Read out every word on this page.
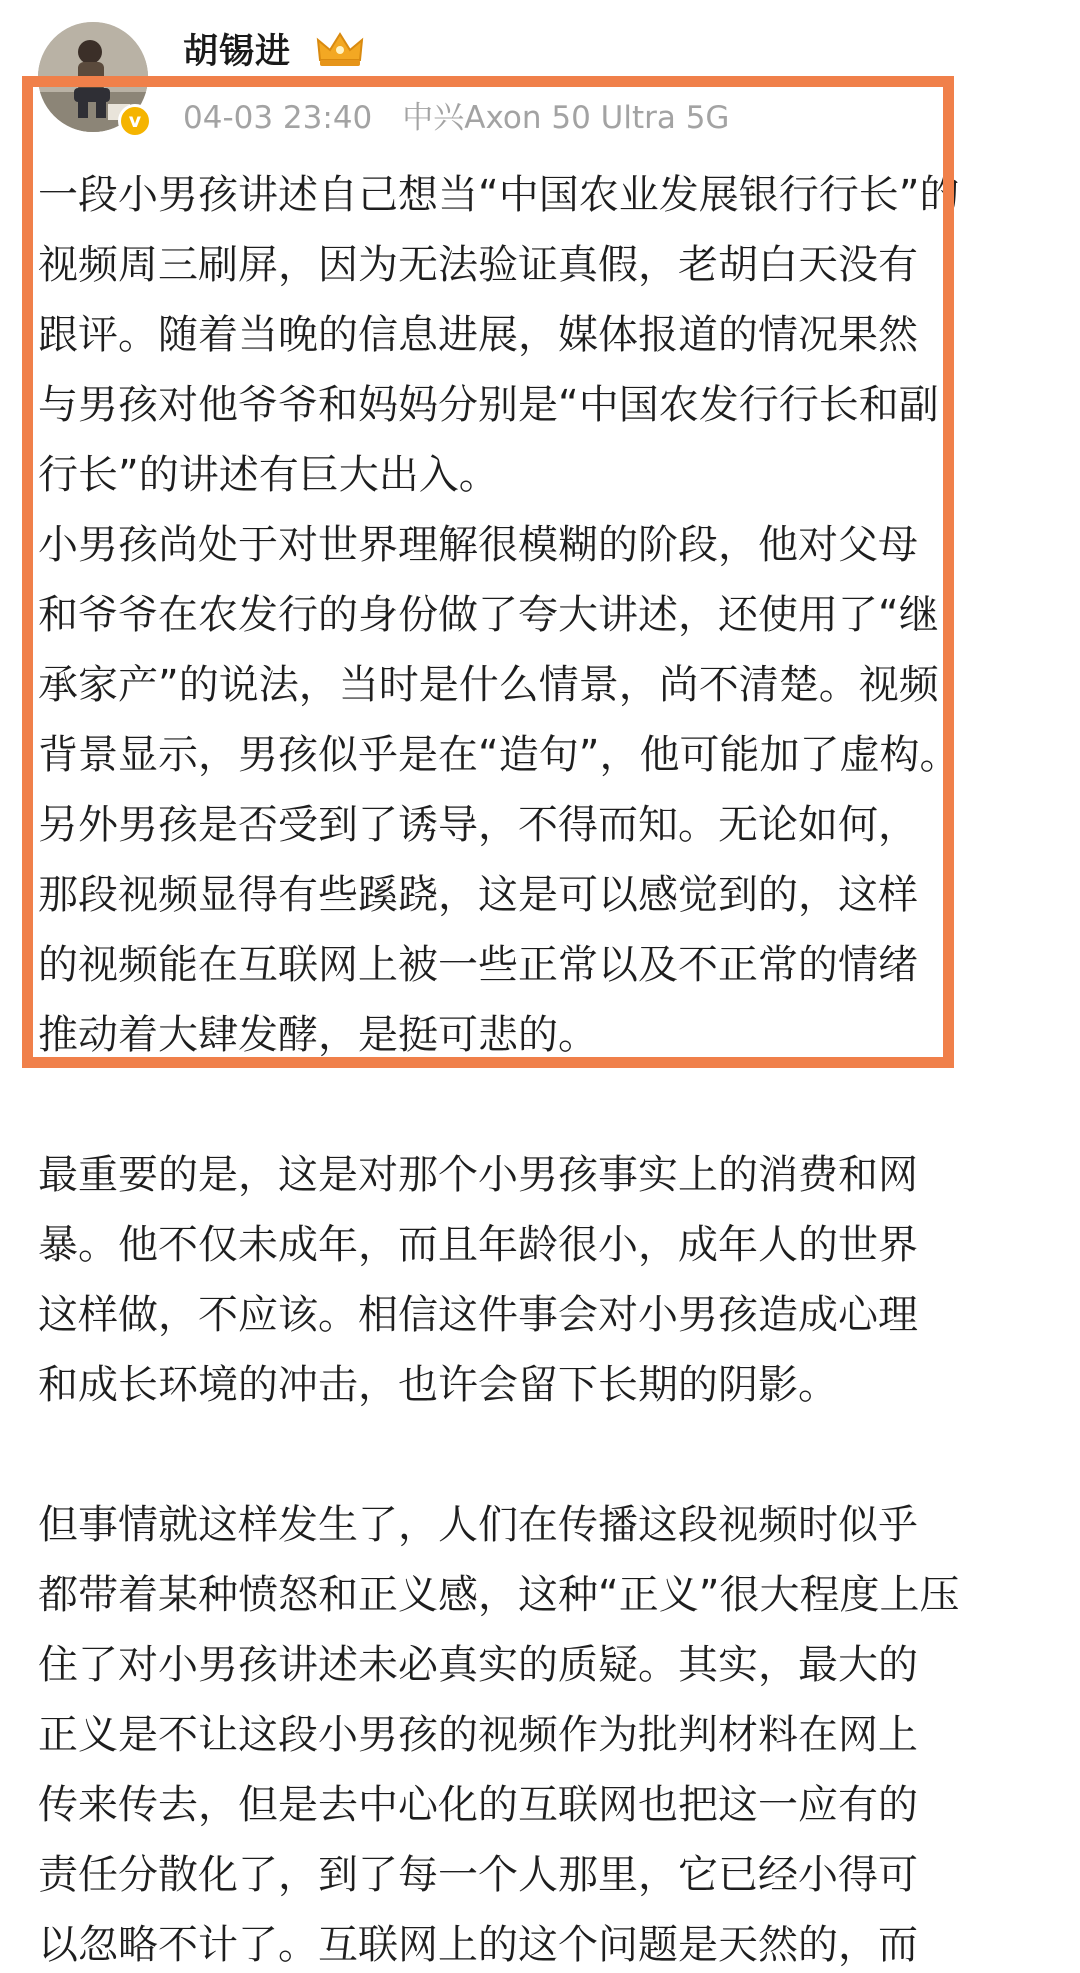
v
胡锡进
04-03 23:40 中兴Axon 50 Ultra 5G
一段小男孩讲述自己想当“中国农业发展银行行长”的
视频周三刷屏，因为无法验证真假，老胡白天没有
跟评。随着当晚的信息进展，媒体报道的情况果然
与男孩对他爷爷和妈妈分别是“中国农发行行长和副
行长”的讲述有巨大出入。
小男孩尚处于对世界理解很模糊的阶段，他对父母
和爷爷在农发行的身份做了夸大讲述，还使用了“继
承家产”的说法，当时是什么情景，尚不清楚。视频
背景显示，男孩似乎是在“造句”，他可能加了虚构。
另外男孩是否受到了诱导，不得而知。无论如何，
那段视频显得有些蹊跷，这是可以感觉到的，这样
的视频能在互联网上被一些正常以及不正常的情绪
推动着大肆发酵，是挺可悲的。
最重要的是，这是对那个小男孩事实上的消费和网
暴。他不仅未成年，而且年龄很小，成年人的世界
这样做，不应该。相信这件事会对小男孩造成心理
和成长环境的冲击，也许会留下长期的阴影。
但事情就这样发生了，人们在传播这段视频时似乎
都带着某种愤怒和正义感，这种“正义”很大程度上压
住了对小男孩讲述未必真实的质疑。其实，最大的
正义是不让这段小男孩的视频作为批判材料在网上
传来传去，但是去中心化的互联网也把这一应有的
责任分散化了，到了每一个人那里，它已经小得可
以忽略不计了。互联网上的这个问题是天然的，而
